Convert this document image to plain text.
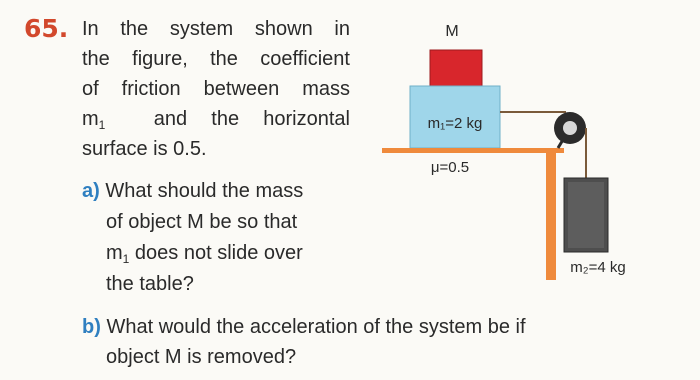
65. In the system shown in
the figure, the coefficient
of friction between mass
$m_1$ and the horizontal
surface is 0.5.
a) What should the mass
of object M be so that
$m_1$ does not slide over
the table?
b) What would the acceleration of the system be if
object M is removed?
M
m₁=2 kg
μ=0.5
m₂=4 kg
